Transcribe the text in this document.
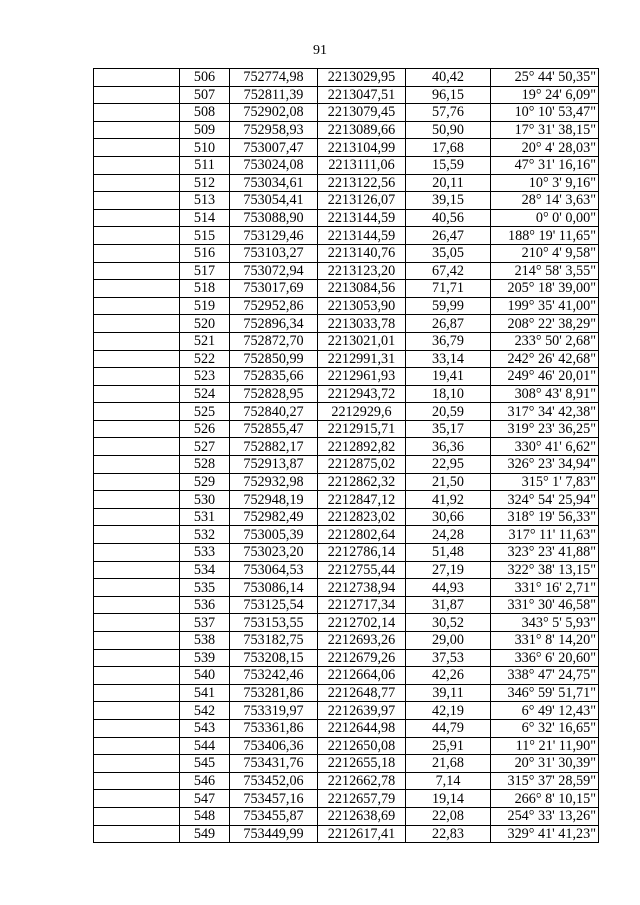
91
	506	752774,98	2213029,95	40,42	25° 44' 50,35"
	507	752811,39	2213047,51	96,15	19° 24' 6,09"
	508	752902,08	2213079,45	57,76	10° 10' 53,47"
	509	752958,93	2213089,66	50,90	17° 31' 38,15"
	510	753007,47	2213104,99	17,68	20° 4' 28,03"
	511	753024,08	2213111,06	15,59	47° 31' 16,16"
	512	753034,61	2213122,56	20,11	10° 3' 9,16"
	513	753054,41	2213126,07	39,15	28° 14' 3,63"
	514	753088,90	2213144,59	40,56	0° 0' 0,00"
	515	753129,46	2213144,59	26,47	188° 19' 11,65"
	516	753103,27	2213140,76	35,05	210° 4' 9,58"
	517	753072,94	2213123,20	67,42	214° 58' 3,55"
	518	753017,69	2213084,56	71,71	205° 18' 39,00"
	519	752952,86	2213053,90	59,99	199° 35' 41,00"
	520	752896,34	2213033,78	26,87	208° 22' 38,29"
	521	752872,70	2213021,01	36,79	233° 50' 2,68"
	522	752850,99	2212991,31	33,14	242° 26' 42,68"
	523	752835,66	2212961,93	19,41	249° 46' 20,01"
	524	752828,95	2212943,72	18,10	308° 43' 8,91"
	525	752840,27	2212929,6	20,59	317° 34' 42,38"
	526	752855,47	2212915,71	35,17	319° 23' 36,25"
	527	752882,17	2212892,82	36,36	330° 41' 6,62"
	528	752913,87	2212875,02	22,95	326° 23' 34,94"
	529	752932,98	2212862,32	21,50	315° 1' 7,83"
	530	752948,19	2212847,12	41,92	324° 54' 25,94"
	531	752982,49	2212823,02	30,66	318° 19' 56,33"
	532	753005,39	2212802,64	24,28	317° 11' 11,63"
	533	753023,20	2212786,14	51,48	323° 23' 41,88"
	534	753064,53	2212755,44	27,19	322° 38' 13,15"
	535	753086,14	2212738,94	44,93	331° 16' 2,71"
	536	753125,54	2212717,34	31,87	331° 30' 46,58"
	537	753153,55	2212702,14	30,52	343° 5' 5,93"
	538	753182,75	2212693,26	29,00	331° 8' 14,20"
	539	753208,15	2212679,26	37,53	336° 6' 20,60"
	540	753242,46	2212664,06	42,26	338° 47' 24,75"
	541	753281,86	2212648,77	39,11	346° 59' 51,71"
	542	753319,97	2212639,97	42,19	6° 49' 12,43"
	543	753361,86	2212644,98	44,79	6° 32' 16,65"
	544	753406,36	2212650,08	25,91	11° 21' 11,90"
	545	753431,76	2212655,18	21,68	20° 31' 30,39"
	546	753452,06	2212662,78	7,14	315° 37' 28,59"
	547	753457,16	2212657,79	19,14	266° 8' 10,15"
	548	753455,87	2212638,69	22,08	254° 33' 13,26"
	549	753449,99	2212617,41	22,83	329° 41' 41,23"
